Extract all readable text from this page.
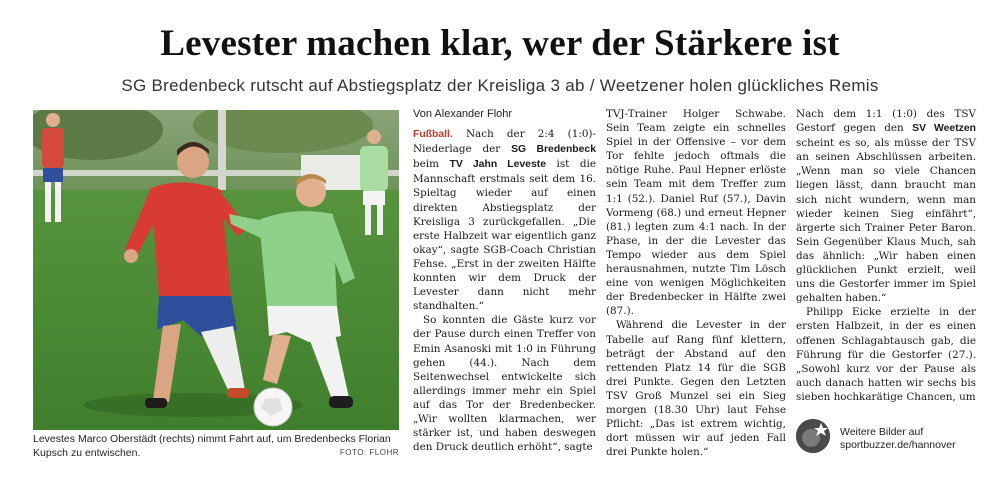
Levester machen klar, wer der Stärkere ist
SG Bredenbeck rutscht auf Abstiegsplatz der Kreisliga 3 ab / Weetzener holen glückliches Remis
Levestes Marco Oberstädt (rechts) nimmt Fahrt auf, um Bredenbecks Florian Kupsch zu entwischen.	FOTO: FLOHR
Von Alexander Flohr

Fußball. Nach der 2:4 (1:0)-Niederlage der SG Bredenbeck beim TV Jahn Leveste ist die Mannschaft erstmals seit dem 16. Spieltag wieder auf einen direkten Abstiegsplatz der Kreisliga 3 zurückgefallen. „Die erste Halbzeit war eigentlich ganz okay“, sagte SGB-Coach Christian Fehse. „Erst in der zweiten Hälfte konnten wir dem Druck der Levester dann nicht mehr standhalten.“

So konnten die Gäste kurz vor der Pause durch einen Treffer von Emin Asanoski mit 1:0 in Führung gehen (44.). Nach dem Seitenwechsel entwickelte sich allerdings immer mehr ein Spiel auf das Tor der Bredenbecker. „Wir wollten klarmachen, wer stärker ist, und haben deswegen den Druck deutlich erhöht“, sagte

TVJ-Trainer Holger Schwabe. Sein Team zeigte ein schnelles Spiel in der Offensive – vor dem Tor fehlte jedoch oftmals die nötige Ruhe. Paul Hepner erlöste sein Team mit dem Treffer zum 1:1 (52.). Daniel Ruf (57.), Davin Vormeng (68.) und erneut Hepner (81.) legten zum 4:1 nach. In der Phase, in der die Levester das Tempo wieder aus dem Spiel herausnahmen, nutzte Tim Lösch eine von wenigen Möglichkeiten der Bredenbecker in Hälfte zwei (87.).

Während die Levester in der Tabelle auf Rang fünf klettern, beträgt der Abstand auf den rettenden Platz 14 für die SGB drei Punkte. Gegen den Letzten TSV Groß Munzel sei ein Sieg morgen (18.30 Uhr) laut Fehse Pflicht: „Das ist extrem wichtig, dort müssen wir auf jeden Fall drei Punkte holen.“

Nach dem 1:1 (1:0) des TSV Gestorf gegen den SV Weetzen scheint es so, als müsse der TSV an seinen Abschlüssen arbeiten. „Wenn man so viele Chancen liegen lässt, dann braucht man sich nicht wundern, wenn man wieder keinen Sieg einfährt“, ärgerte sich Trainer Peter Baron. Sein Gegenüber Klaus Much, sah das ähnlich: „Wir haben einen glücklichen Punkt erzielt, weil uns die Gestorfer immer im Spiel gehalten haben.“

Philipp Eicke erzielte in der ersten Halbzeit, in der es einen offenen Schlagabtausch gab, die Führung für die Gestorfer (27.). „Sowohl kurz vor der Pause als auch danach hatten wir sechs bis sieben hochkarätige Chancen, um

Weitere Bilder auf
sportbuzzer.de/hannover
